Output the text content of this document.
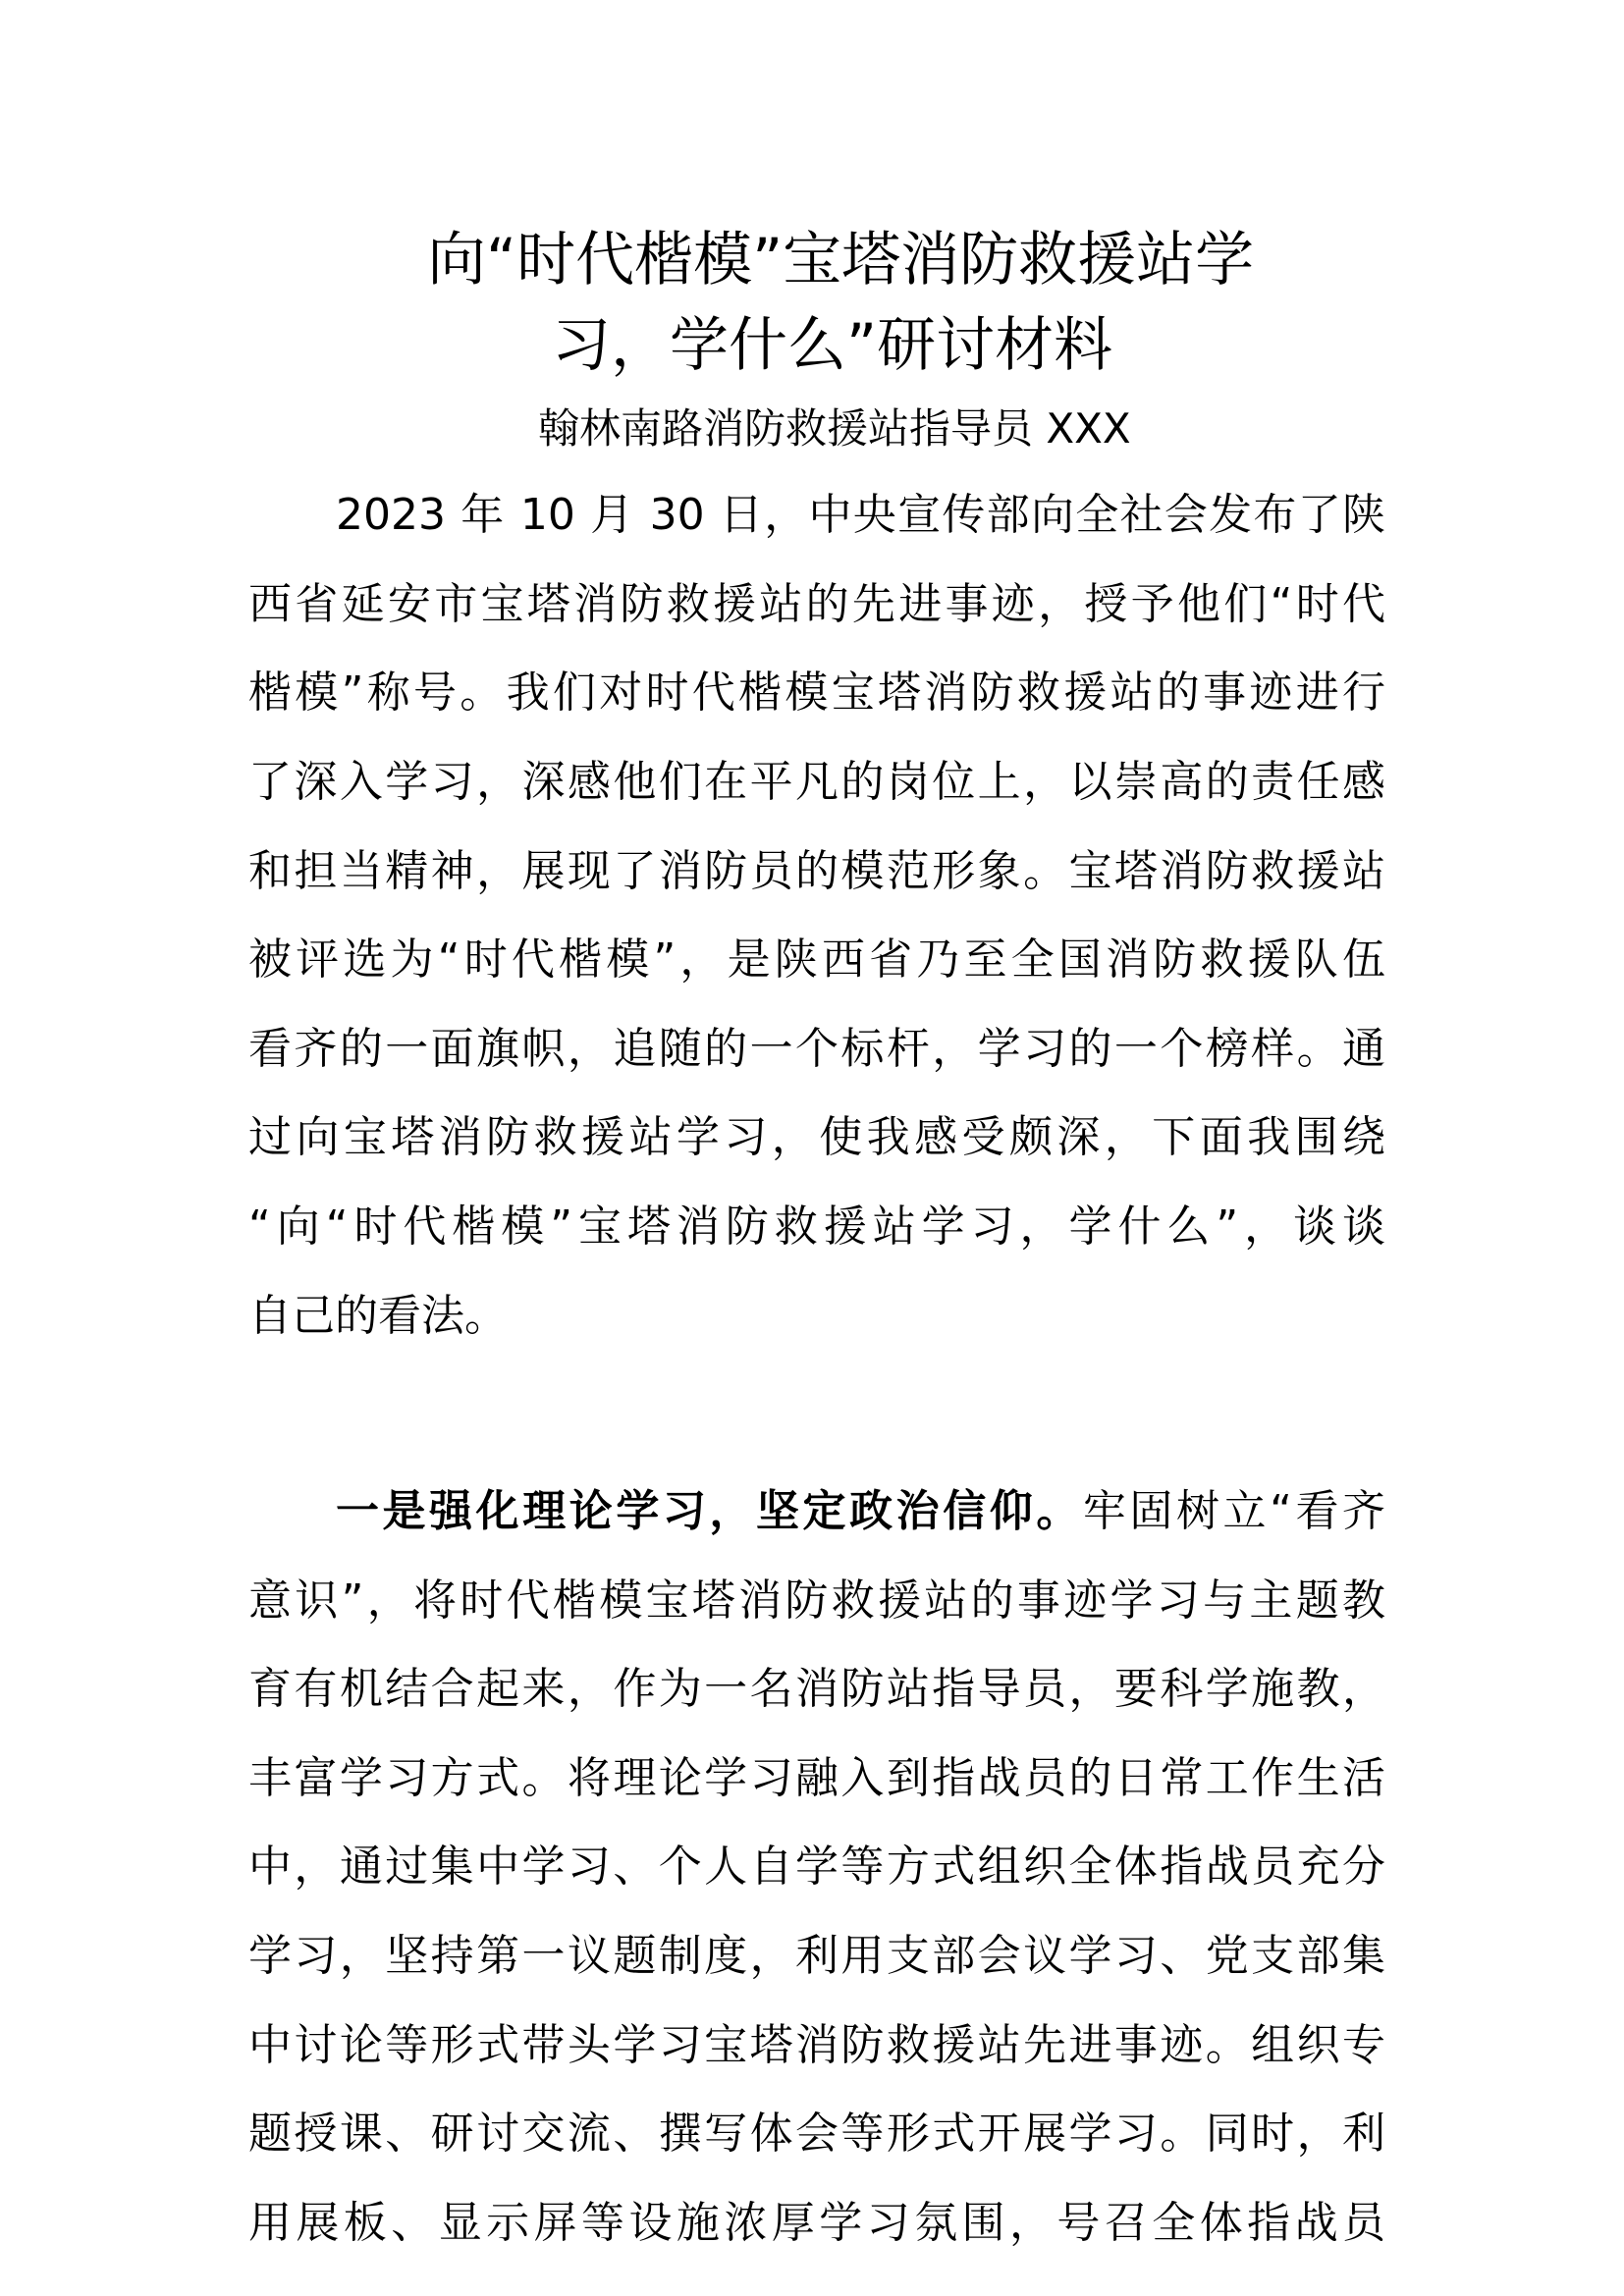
向“时代楷模”宝塔消防救援站学
习，学什么”研讨材料
翰林南路消防救援站指导员 XXX
2023 年 10 月 30 日，中央宣传部向全社会发布了陕
西省延安市宝塔消防救援站的先进事迹，授予他们“时代
楷模”称号。我们对时代楷模宝塔消防救援站的事迹进行
了深入学习，深感他们在平凡的岗位上，以崇高的责任感
和担当精神，展现了消防员的模范形象。宝塔消防救援站
被评选为“时代楷模”，是陕西省乃至全国消防救援队伍
看齐的一面旗帜，追随的一个标杆，学习的一个榜样。通
过向宝塔消防救援站学习，使我感受颇深，下面我围绕
“向“时代楷模”宝塔消防救援站学习，学什么”，谈谈
自己的看法。
一是强化理论学习，坚定政治信仰。牢固树立“看齐
意识”，将时代楷模宝塔消防救援站的事迹学习与主题教
育有机结合起来，作为一名消防站指导员，要科学施教，
丰富学习方式。将理论学习融入到指战员的日常工作生活
中，通过集中学习、个人自学等方式组织全体指战员充分
学习，坚持第一议题制度，利用支部会议学习、党支部集
中讨论等形式带头学习宝塔消防救援站先进事迹。组织专
题授课、研讨交流、撰写体会等形式开展学习。同时，利
用展板、显示屏等设施浓厚学习氛围，号召全体指战员
